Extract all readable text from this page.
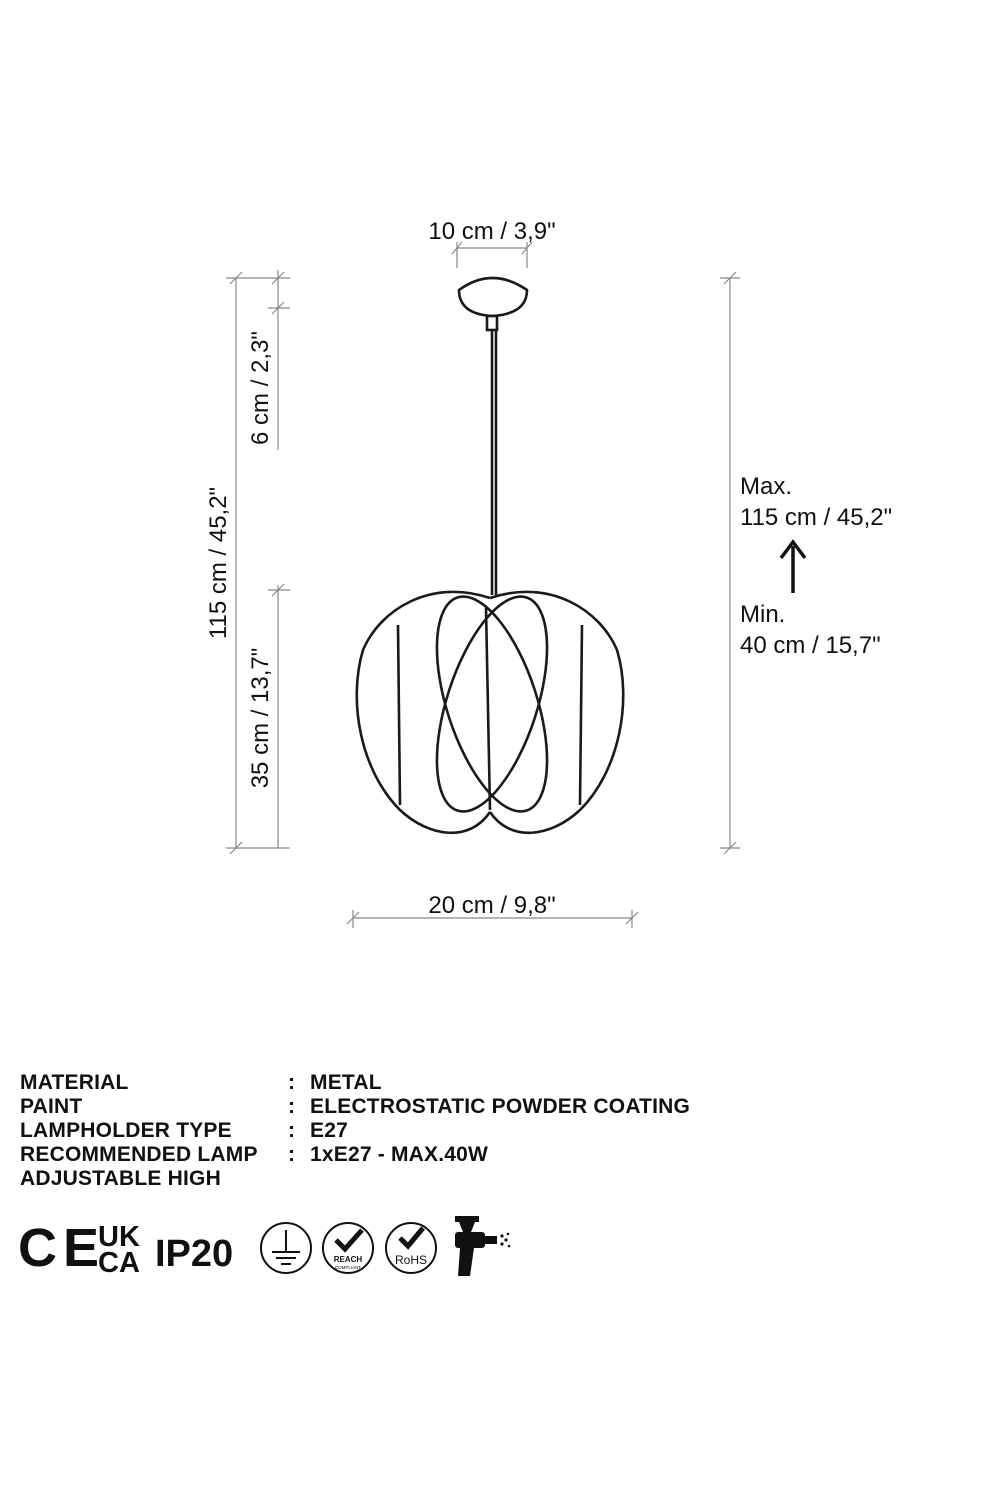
10 cm / 3,9"
115 cm / 45,2"
6 cm / 2,3"
35 cm / 13,7"
Max.
115 cm / 45,2"
Min.
40 cm / 15,7"
20 cm / 9,8"
MATERIAL	: METAL
PAINT	: ELECTROSTATIC POWDER COATING
LAMPHOLDER TYPE	: E27
RECOMMENDED LAMP	: 1xE27 - MAX.40W
ADJUSTABLE HIGH
CE
UK
CA IP20	REACH
COMPLIANT
RoHS
